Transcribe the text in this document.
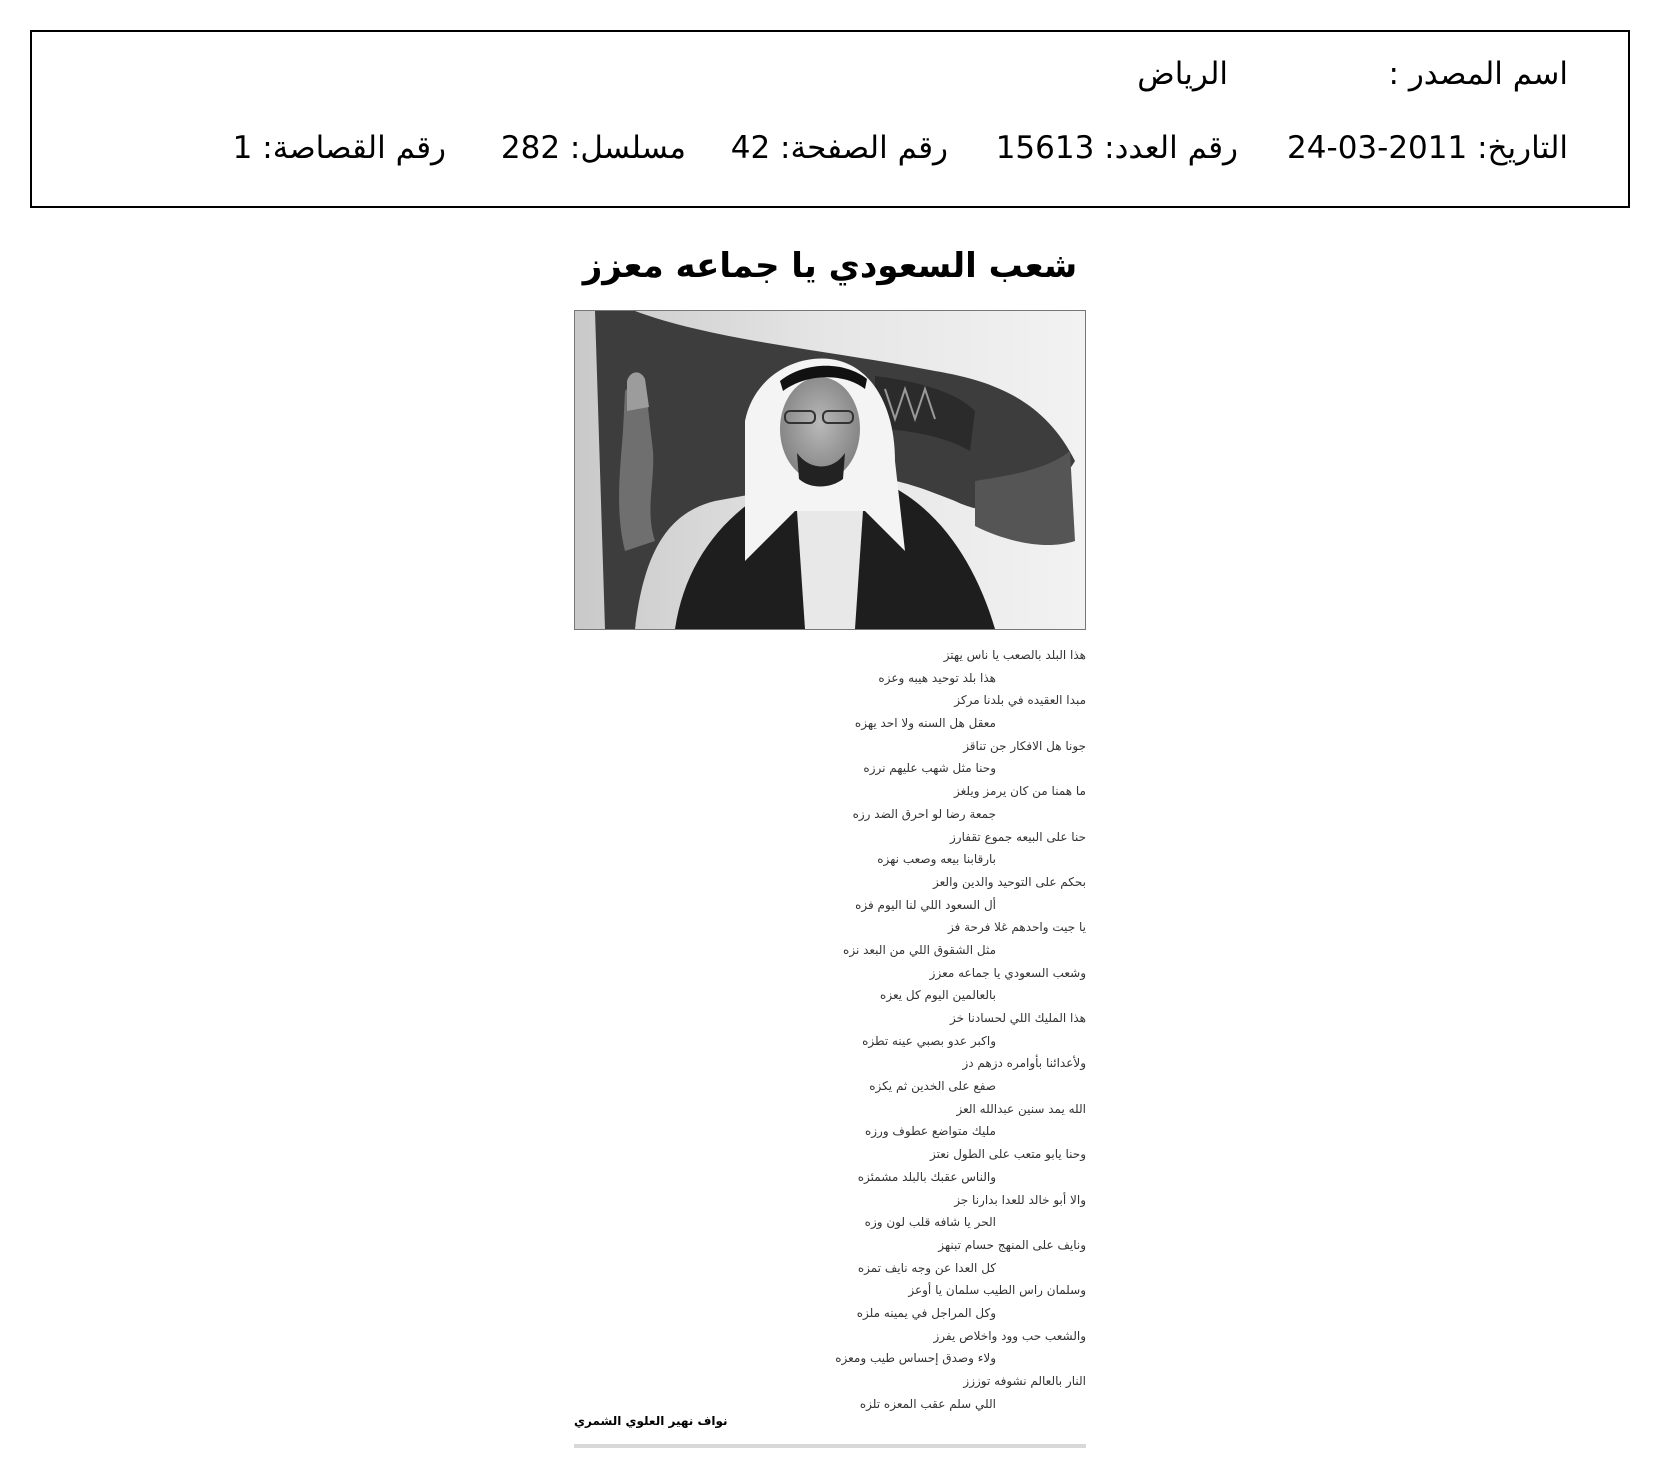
اسم المصدر :
الرياض
التاريخ: 2011-03-24
رقم العدد: 15613
رقم الصفحة: 42
مسلسل: 282
رقم القصاصة: 1
شعب السعودي يا جماعه معزز
هذا البلد بالصعب يا ناس يهتز
هذا بلد توحيد هيبه وعزه
مبدا العقيده في بلدنا مركز
معقل هل السنه ولا احد يهزه
جونا هل الافكار جن تناقز
وحنا مثل شهب عليهم نرزه
ما همنا من كان يرمز ويلغز
جمعة رضا لو احرق الضد رزه
حنا على البيعه جموع تقفارز
بارقابنا بيعه وصعب نهزه
بحكم على التوحيد والدين والعز
أل السعود اللي لنا اليوم فزه
يا جيت واحدهم غلا فرحة فز
مثل الشقوق اللي من البعد نزه
وشعب السعودي يا جماعه معزز
بالعالمين اليوم كل يعزه
هذا المليك اللي لحسادنا خز
واكبر عدو بصبي عينه تطزه
ولأعدائنا بأوامره دزهم دز
صفع على الخدين ثم يكزه
الله يمد سنين عبدالله العز
مليك متواضع عطوف ورزه
وحنا يابو متعب على الطول نعتز
والناس عقبك بالبلد مشمئزه
والا أبو خالد للعدا بدارنا جز
الحر يا شافه قلب لون وزه
ونايف على المنهج حسام تبنهز
كل العدا عن وجه نايف تمزه
وسلمان راس الطيب سلمان يا أوعز
وكل المراجل في يمينه ملزه
والشعب حب وود واخلاص يفرز
ولاء وصدق إحساس طيب ومعزه
النار بالعالم نشوفه توززز
اللي سلم عقب المعزه تلزه
نواف نهير العلوي الشمري
